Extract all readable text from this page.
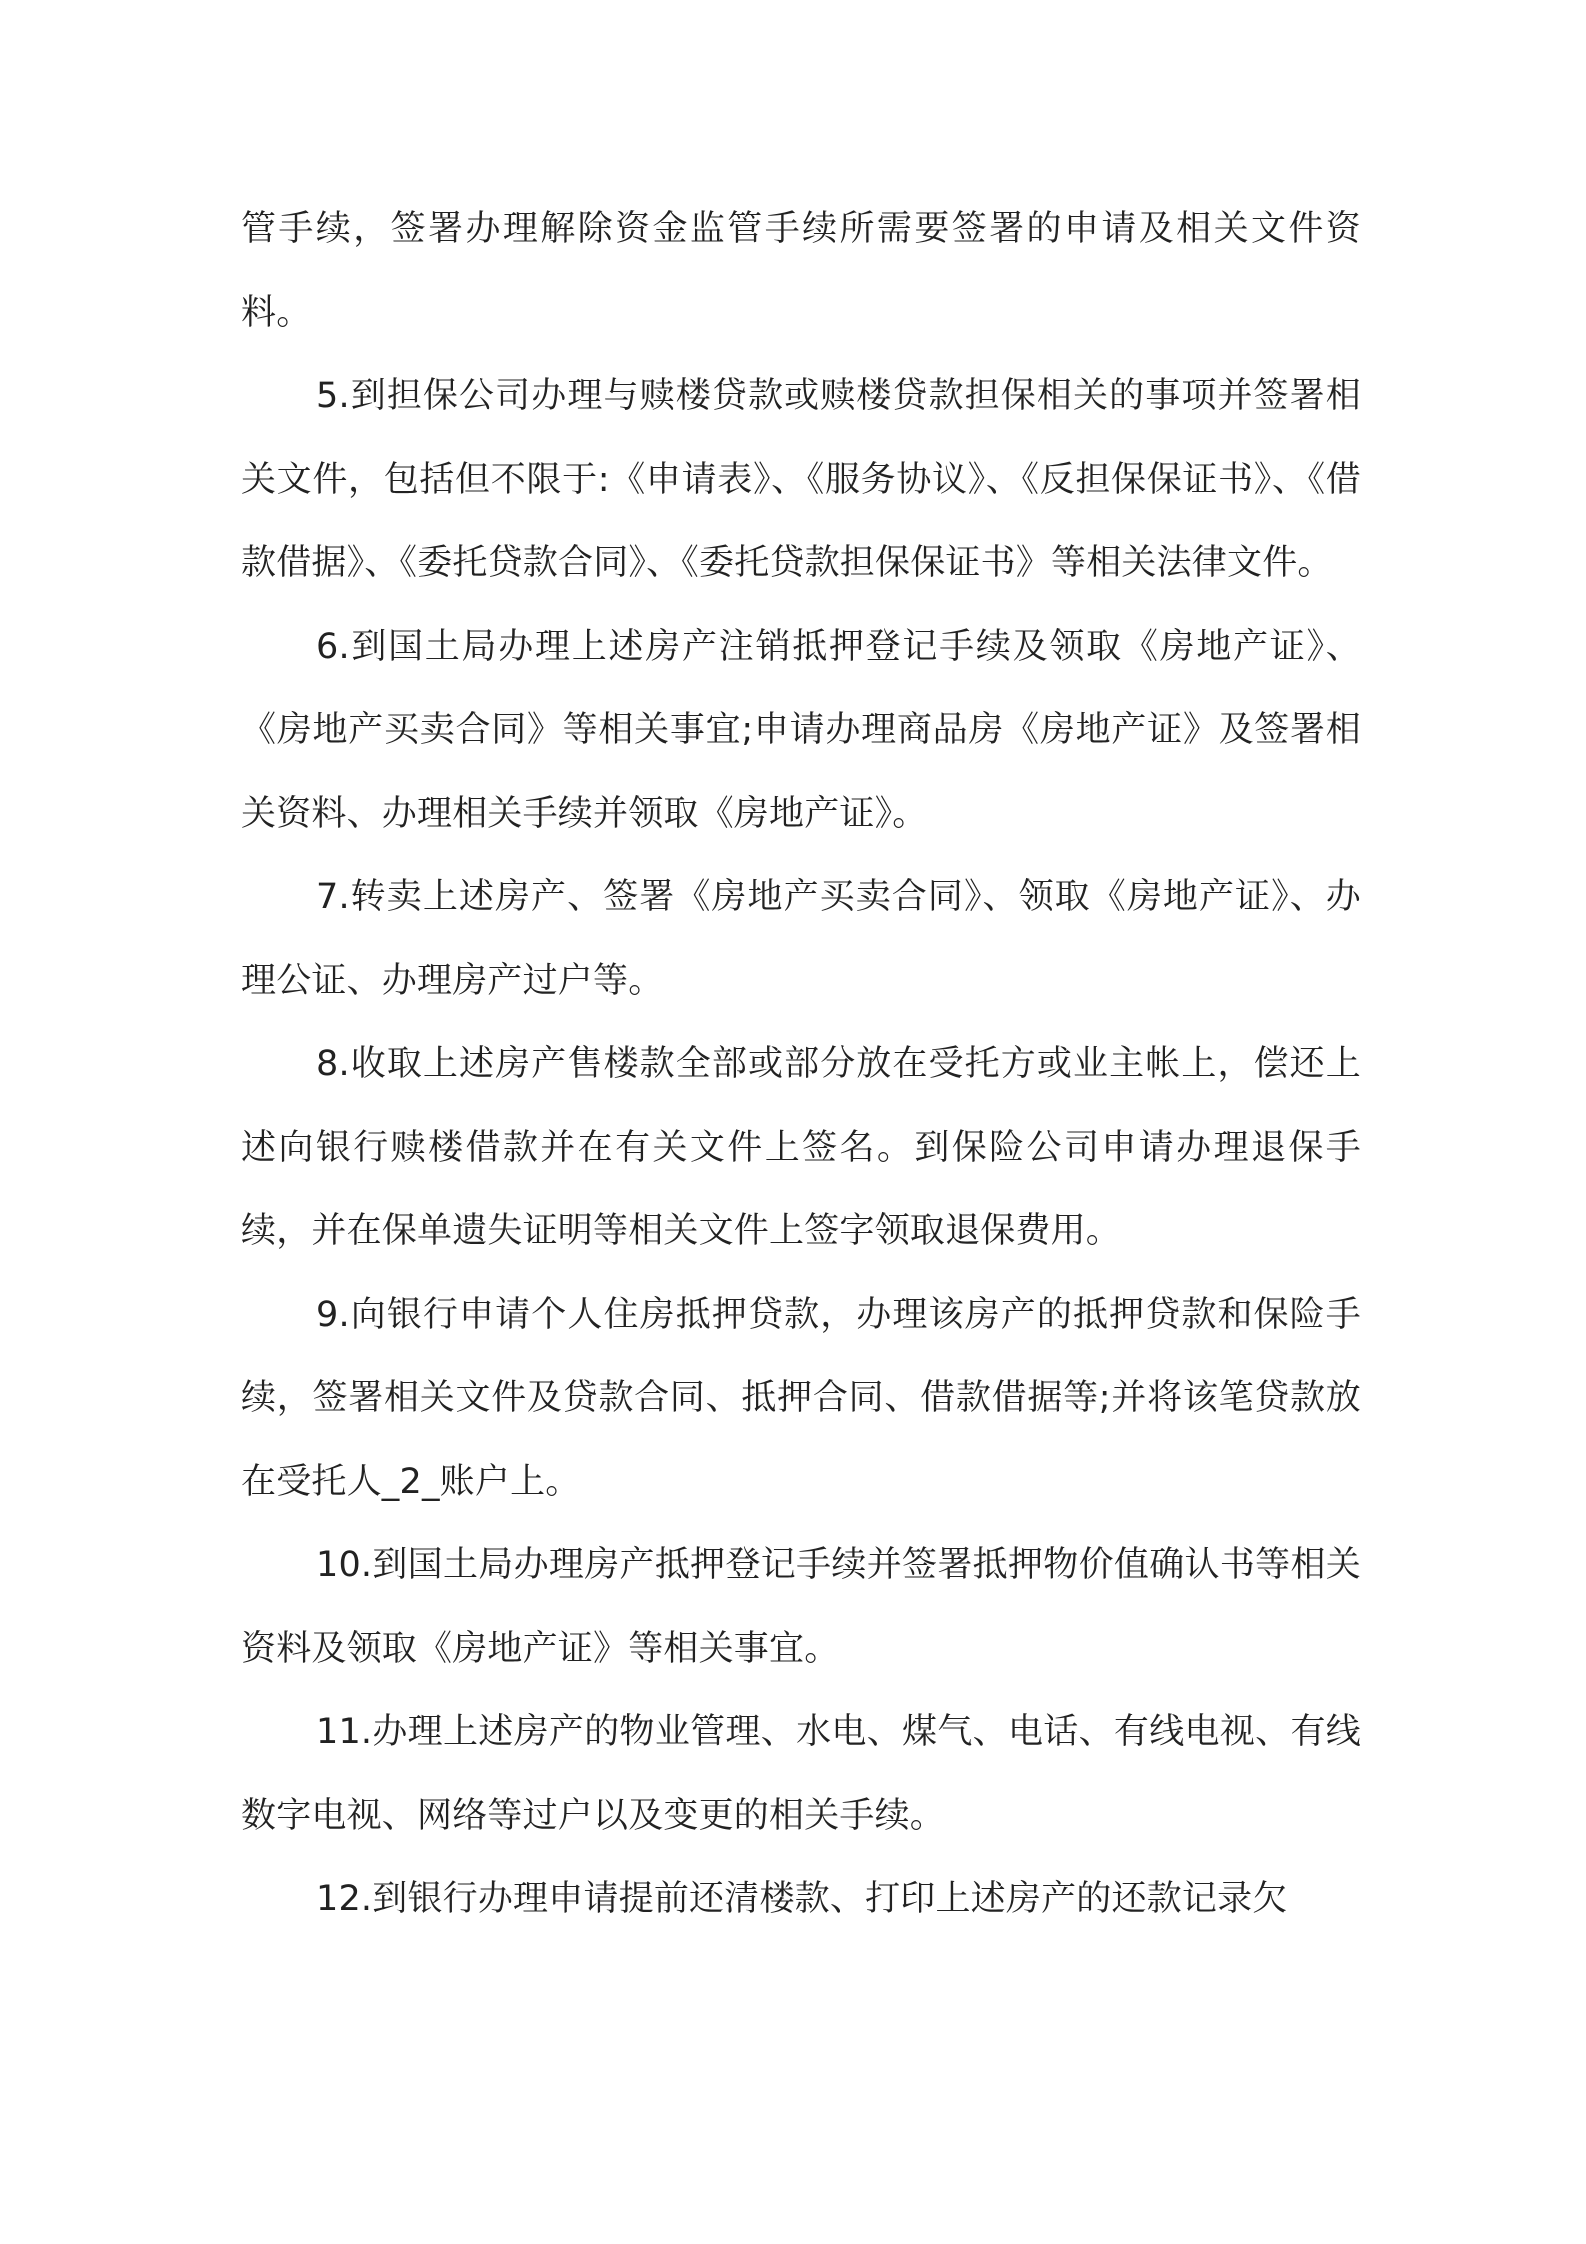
管手续，签署办理解除资金监管手续所需要签署的申请及相关文件资料。

5.到担保公司办理与赎楼贷款或赎楼贷款担保相关的事项并签署相关文件，包括但不限于:《申请表》、《服务协议》、《反担保保证书》、《借款借据》、《委托贷款合同》、《委托贷款担保保证书》等相关法律文件。

6.到国土局办理上述房产注销抵押登记手续及领取《房地产证》、《房地产买卖合同》等相关事宜;申请办理商品房《房地产证》及签署相关资料、办理相关手续并领取《房地产证》。

7.转卖上述房产、签署《房地产买卖合同》、领取《房地产证》、办理公证、办理房产过户等。

8.收取上述房产售楼款全部或部分放在受托方或业主帐上，偿还上述向银行赎楼借款并在有关文件上签名。到保险公司申请办理退保手续，并在保单遗失证明等相关文件上签字领取退保费用。

9.向银行申请个人住房抵押贷款，办理该房产的抵押贷款和保险手续，签署相关文件及贷款合同、抵押合同、借款借据等;并将该笔贷款放在受托人_2_账户上。

10.到国土局办理房产抵押登记手续并签署抵押物价值确认书等相关资料及领取《房地产证》等相关事宜。

11.办理上述房产的物业管理、水电、煤气、电话、有线电视、有线数字电视、网络等过户以及变更的相关手续。

12.到银行办理申请提前还清楼款、打印上述房产的还款记录欠
